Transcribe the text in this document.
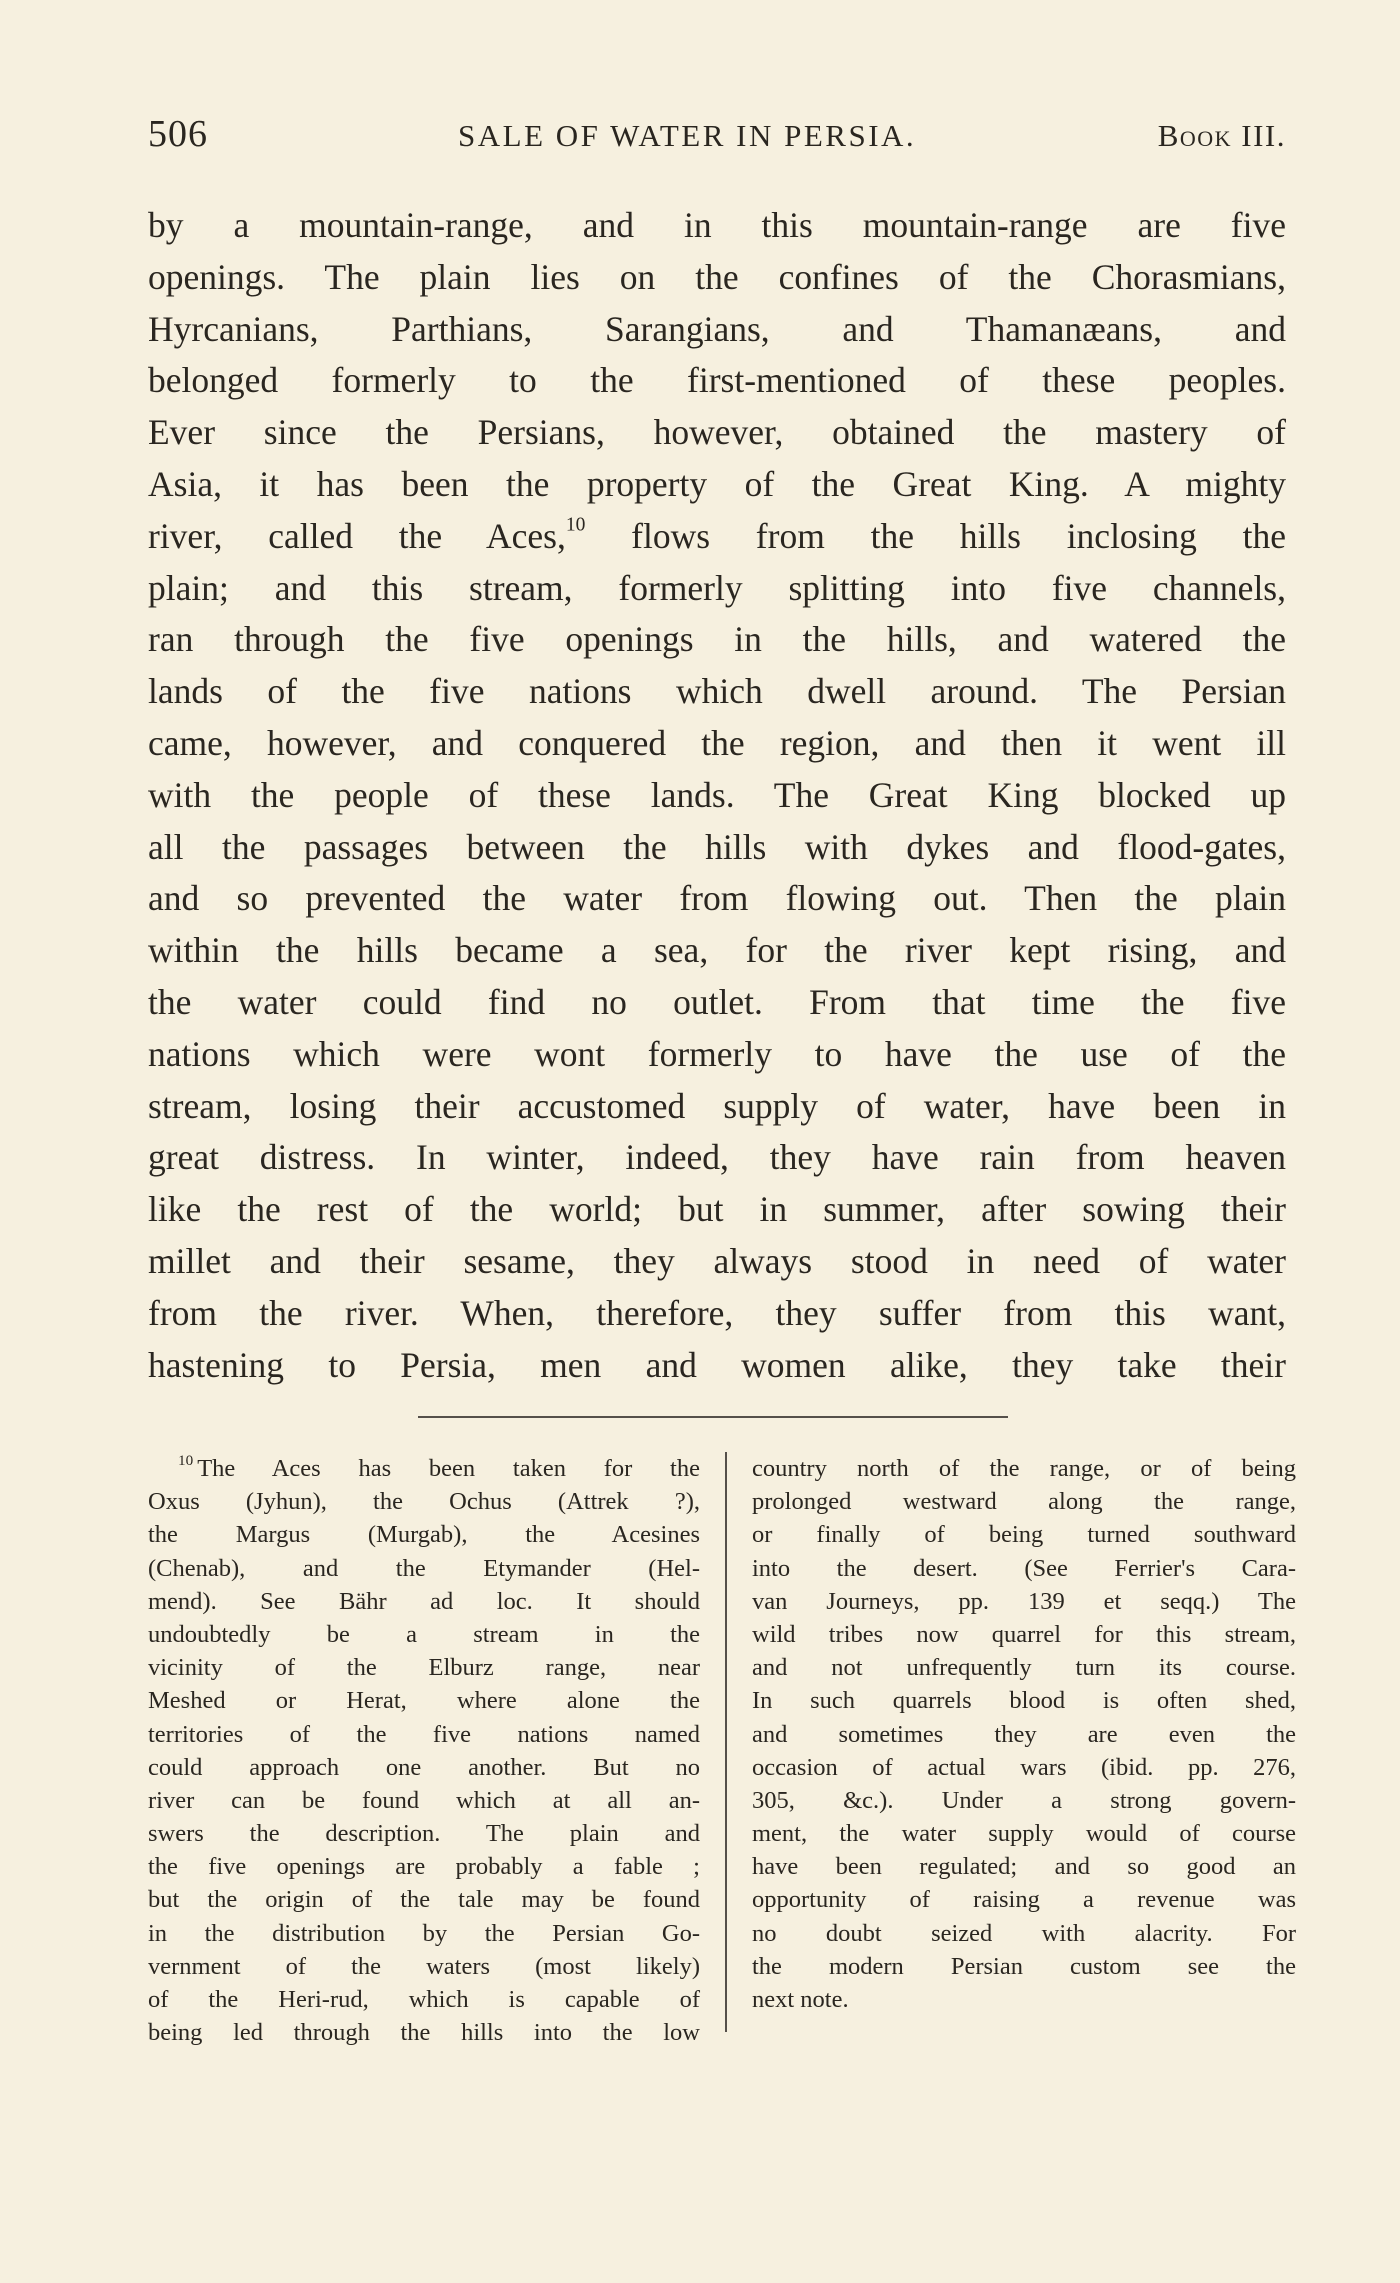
506	SALE OF WATER IN PERSIA.	Book III.
by a mountain-range, and in this mountain-range are five
openings. The plain lies on the confines of the Chorasmians,
Hyrcanians, Parthians, Sarangians, and Thamanæans, and
belonged formerly to the first-mentioned of these peoples.
Ever since the Persians, however, obtained the mastery of
Asia, it has been the property of the Great King. A mighty
river, called the Aces,$^{10}$ flows from the hills inclosing the
plain; and this stream, formerly splitting into five channels,
ran through the five openings in the hills, and watered the
lands of the five nations which dwell around. The Persian
came, however, and conquered the region, and then it went ill
with the people of these lands. The Great King blocked up
all the passages between the hills with dykes and flood-gates,
and so prevented the water from flowing out. Then the plain
within the hills became a sea, for the river kept rising, and
the water could find no outlet. From that time the five
nations which were wont formerly to have the use of the
stream, losing their accustomed supply of water, have been in
great distress. In winter, indeed, they have rain from heaven
like the rest of the world; but in summer, after sowing their
millet and their sesame, they always stood in need of water
from the river. When, therefore, they suffer from this want,
hastening to Persia, men and women alike, they take their
$^{10}$ The Aces has been taken for the
Oxus (Jyhun), the Ochus (Attrek ?),
the Margus (Murgab), the Acesines
(Chenab), and the Etymander (Hel-
mend). See Bähr ad loc. It should
undoubtedly be a stream in the
vicinity of the Elburz range, near
Meshed or Herat, where alone the
territories of the five nations named
could approach one another. But no
river can be found which at all an-
swers the description. The plain and
the five openings are probably a fable ;
but the origin of the tale may be found
in the distribution by the Persian Go-
vernment of the waters (most likely)
of the Heri-rud, which is capable of
being led through the hills into the low
country north of the range, or of being
prolonged westward along the range,
or finally of being turned southward
into the desert. (See Ferrier's Cara-
van Journeys, pp. 139 et seqq.) The
wild tribes now quarrel for this stream,
and not unfrequently turn its course.
In such quarrels blood is often shed,
and sometimes they are even the
occasion of actual wars (ibid. pp. 276,
305, &c.). Under a strong govern-
ment, the water supply would of course
have been regulated; and so good an
opportunity of raising a revenue was
no doubt seized with alacrity. For
the modern Persian custom see the
next note.
